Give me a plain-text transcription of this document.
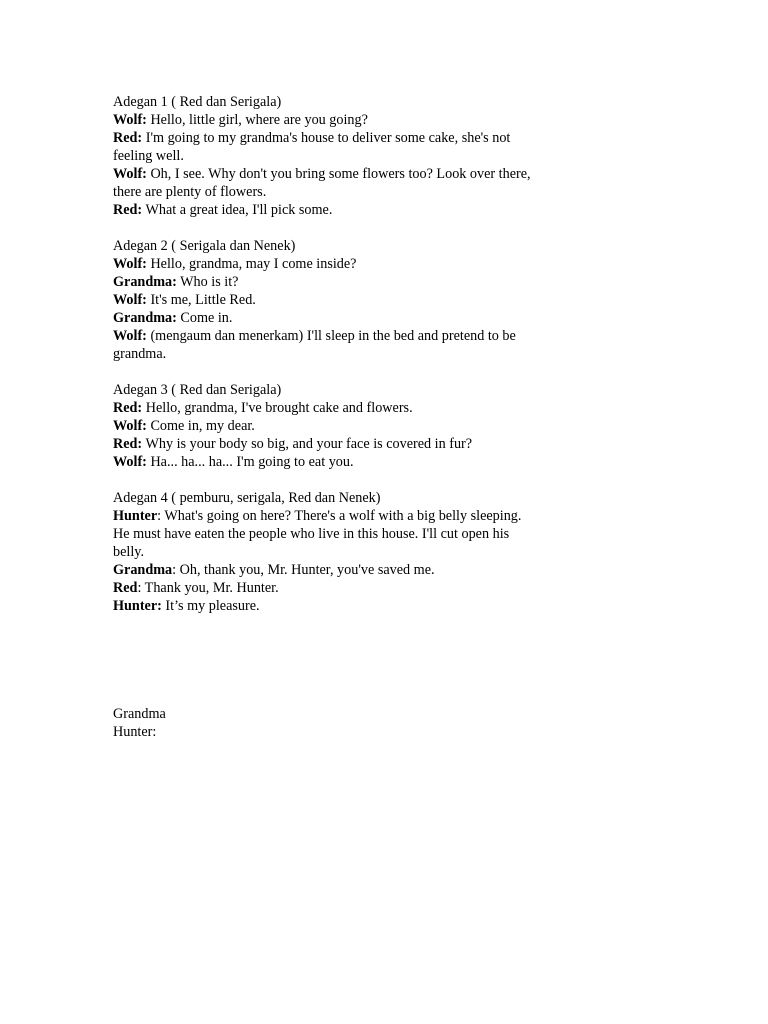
Adegan 1 ( Red dan Serigala)

Wolf: Hello, little girl, where are you going?

Red: I'm going to my grandma's house to deliver some cake, she's not feeling well.

Wolf: Oh, I see. Why don't you bring some flowers too? Look over there, there are plenty of flowers.

Red: What a great idea, I'll pick some.

Adegan 2 ( Serigala dan Nenek)

Wolf: Hello, grandma, may I come inside?

Grandma: Who is it?

Wolf: It's me, Little Red.

Grandma: Come in.

Wolf: (mengaum dan menerkam) I'll sleep in the bed and pretend to be grandma.

Adegan 3 ( Red dan Serigala)

Red: Hello, grandma, I've brought cake and flowers.

Wolf: Come in, my dear.

Red: Why is your body so big, and your face is covered in fur?

Wolf: Ha... ha... ha... I'm going to eat you.

Adegan 4 ( pemburu, serigala, Red dan Nenek)

Hunter: What's going on here? There's a wolf with a big belly sleeping. He must have eaten the people who live in this house. I'll cut open his belly.

Grandma: Oh, thank you, Mr. Hunter, you've saved me.

Red: Thank you, Mr. Hunter.

Hunter: It’s my pleasure.

Grandma

Hunter:
